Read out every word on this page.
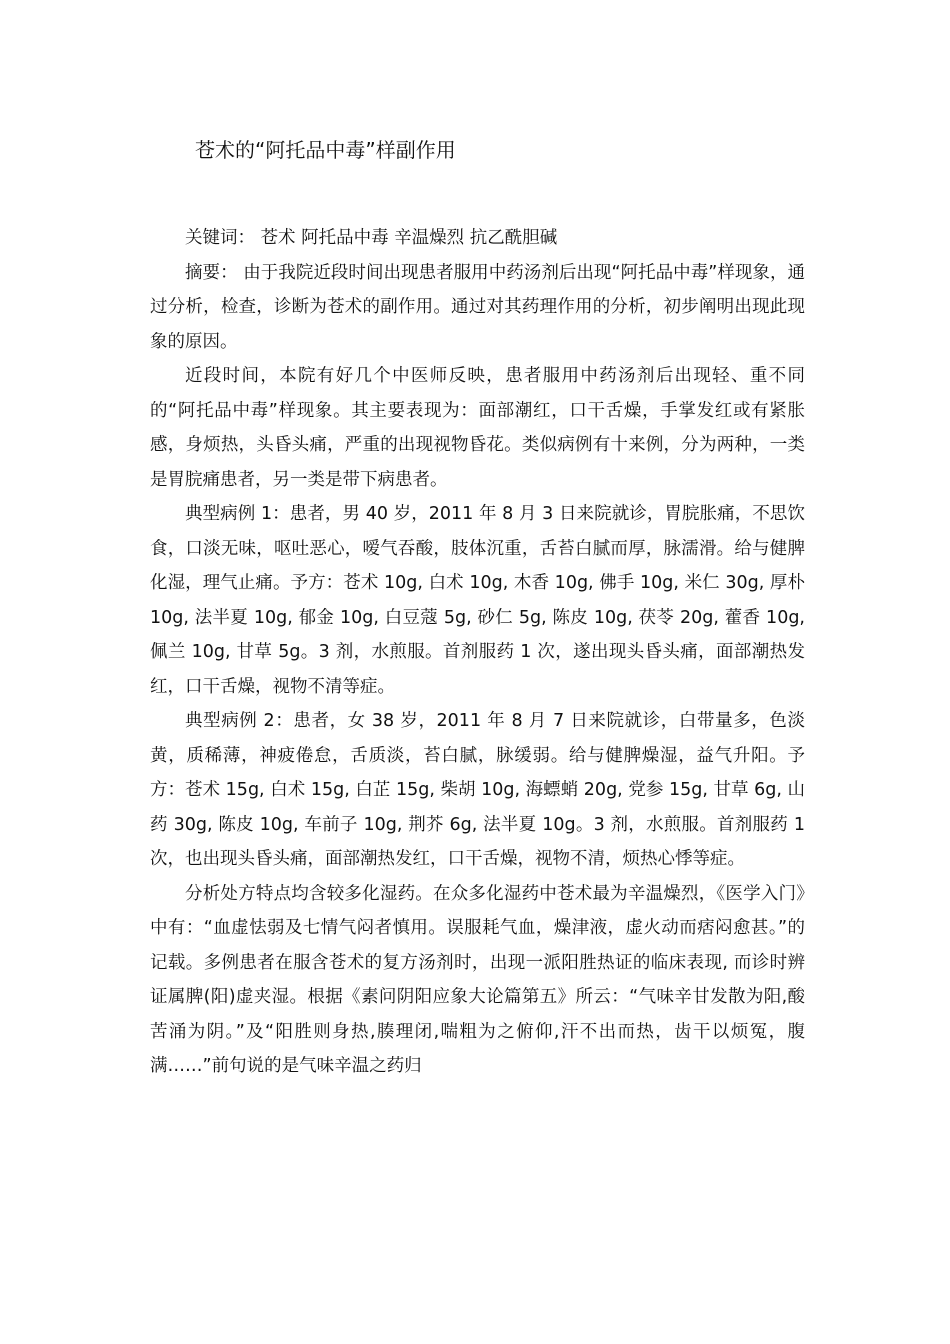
苍术的“阿托品中毒”样副作用

关键词： 苍术 阿托品中毒 辛温燥烈 抗乙酰胆碱

摘要： 由于我院近段时间出现患者服用中药汤剂后出现“阿托品中毒”样现象，通过分析，检查，诊断为苍术的副作用。通过对其药理作用的分析，初步阐明出现此现象的原因。

近段时间，本院有好几个中医师反映，患者服用中药汤剂后出现轻、重不同的“阿托品中毒”样现象。其主要表现为：面部潮红，口干舌燥，手掌发红或有紧胀感，身烦热，头昏头痛，严重的出现视物昏花。类似病例有十来例，分为两种，一类是胃脘痛患者，另一类是带下病患者。

典型病例 1：患者，男 40 岁，2011 年 8 月 3 日来院就诊，胃脘胀痛，不思饮食，口淡无味，呕吐恶心，嗳气吞酸，肢体沉重，舌苔白腻而厚，脉濡滑。给与健脾化湿，理气止痛。予方：苍术 10g, 白术 10g, 木香 10g, 佛手 10g, 米仁 30g, 厚朴 10g, 法半夏 10g, 郁金 10g, 白豆蔻 5g, 砂仁 5g, 陈皮 10g, 茯苓 20g, 藿香 10g, 佩兰 10g, 甘草 5g。3 剂，水煎服。首剂服药 1 次，遂出现头昏头痛，面部潮热发红，口干舌燥，视物不清等症。

典型病例 2：患者，女 38 岁，2011 年 8 月 7 日来院就诊，白带量多，色淡黄，质稀薄，神疲倦怠，舌质淡，苔白腻，脉缓弱。给与健脾燥湿，益气升阳。予方：苍术 15g, 白术 15g, 白芷 15g, 柴胡 10g, 海螵蛸 20g, 党参 15g, 甘草 6g, 山药 30g, 陈皮 10g, 车前子 10g, 荆芥 6g, 法半夏 10g。3 剂，水煎服。首剂服药 1 次，也出现头昏头痛，面部潮热发红，口干舌燥，视物不清，烦热心悸等症。

分析处方特点均含较多化湿药。在众多化湿药中苍术最为辛温燥烈，《医学入门》中有：“血虚怯弱及七情气闷者慎用。误服耗气血，燥津液，虚火动而痞闷愈甚。”的记载。多例患者在服含苍术的复方汤剂时，出现一派阳胜热证的临床表现, 而诊时辨证属脾(阳)虚夹湿。根据《素问阴阳应象大论篇第五》所云：“气味辛甘发散为阳,酸苦涌为阴。”及“阳胜则身热,腠理闭,喘粗为之俯仰,汗不出而热，齿干以烦冤，腹满……”前句说的是气味辛温之药归
